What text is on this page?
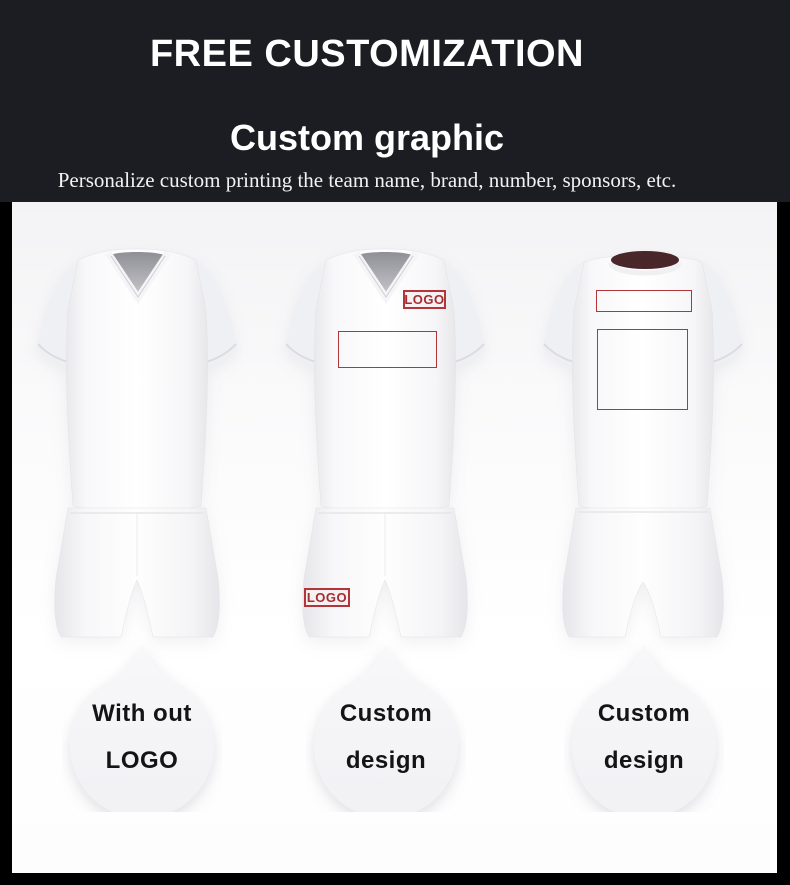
FREE CUSTOMIZATION
Custom graphic
Personalize custom printing the team name, brand, number, sponsors, etc.
LOGO
LOGO
With out
LOGO
Custom
design
Custom
design
